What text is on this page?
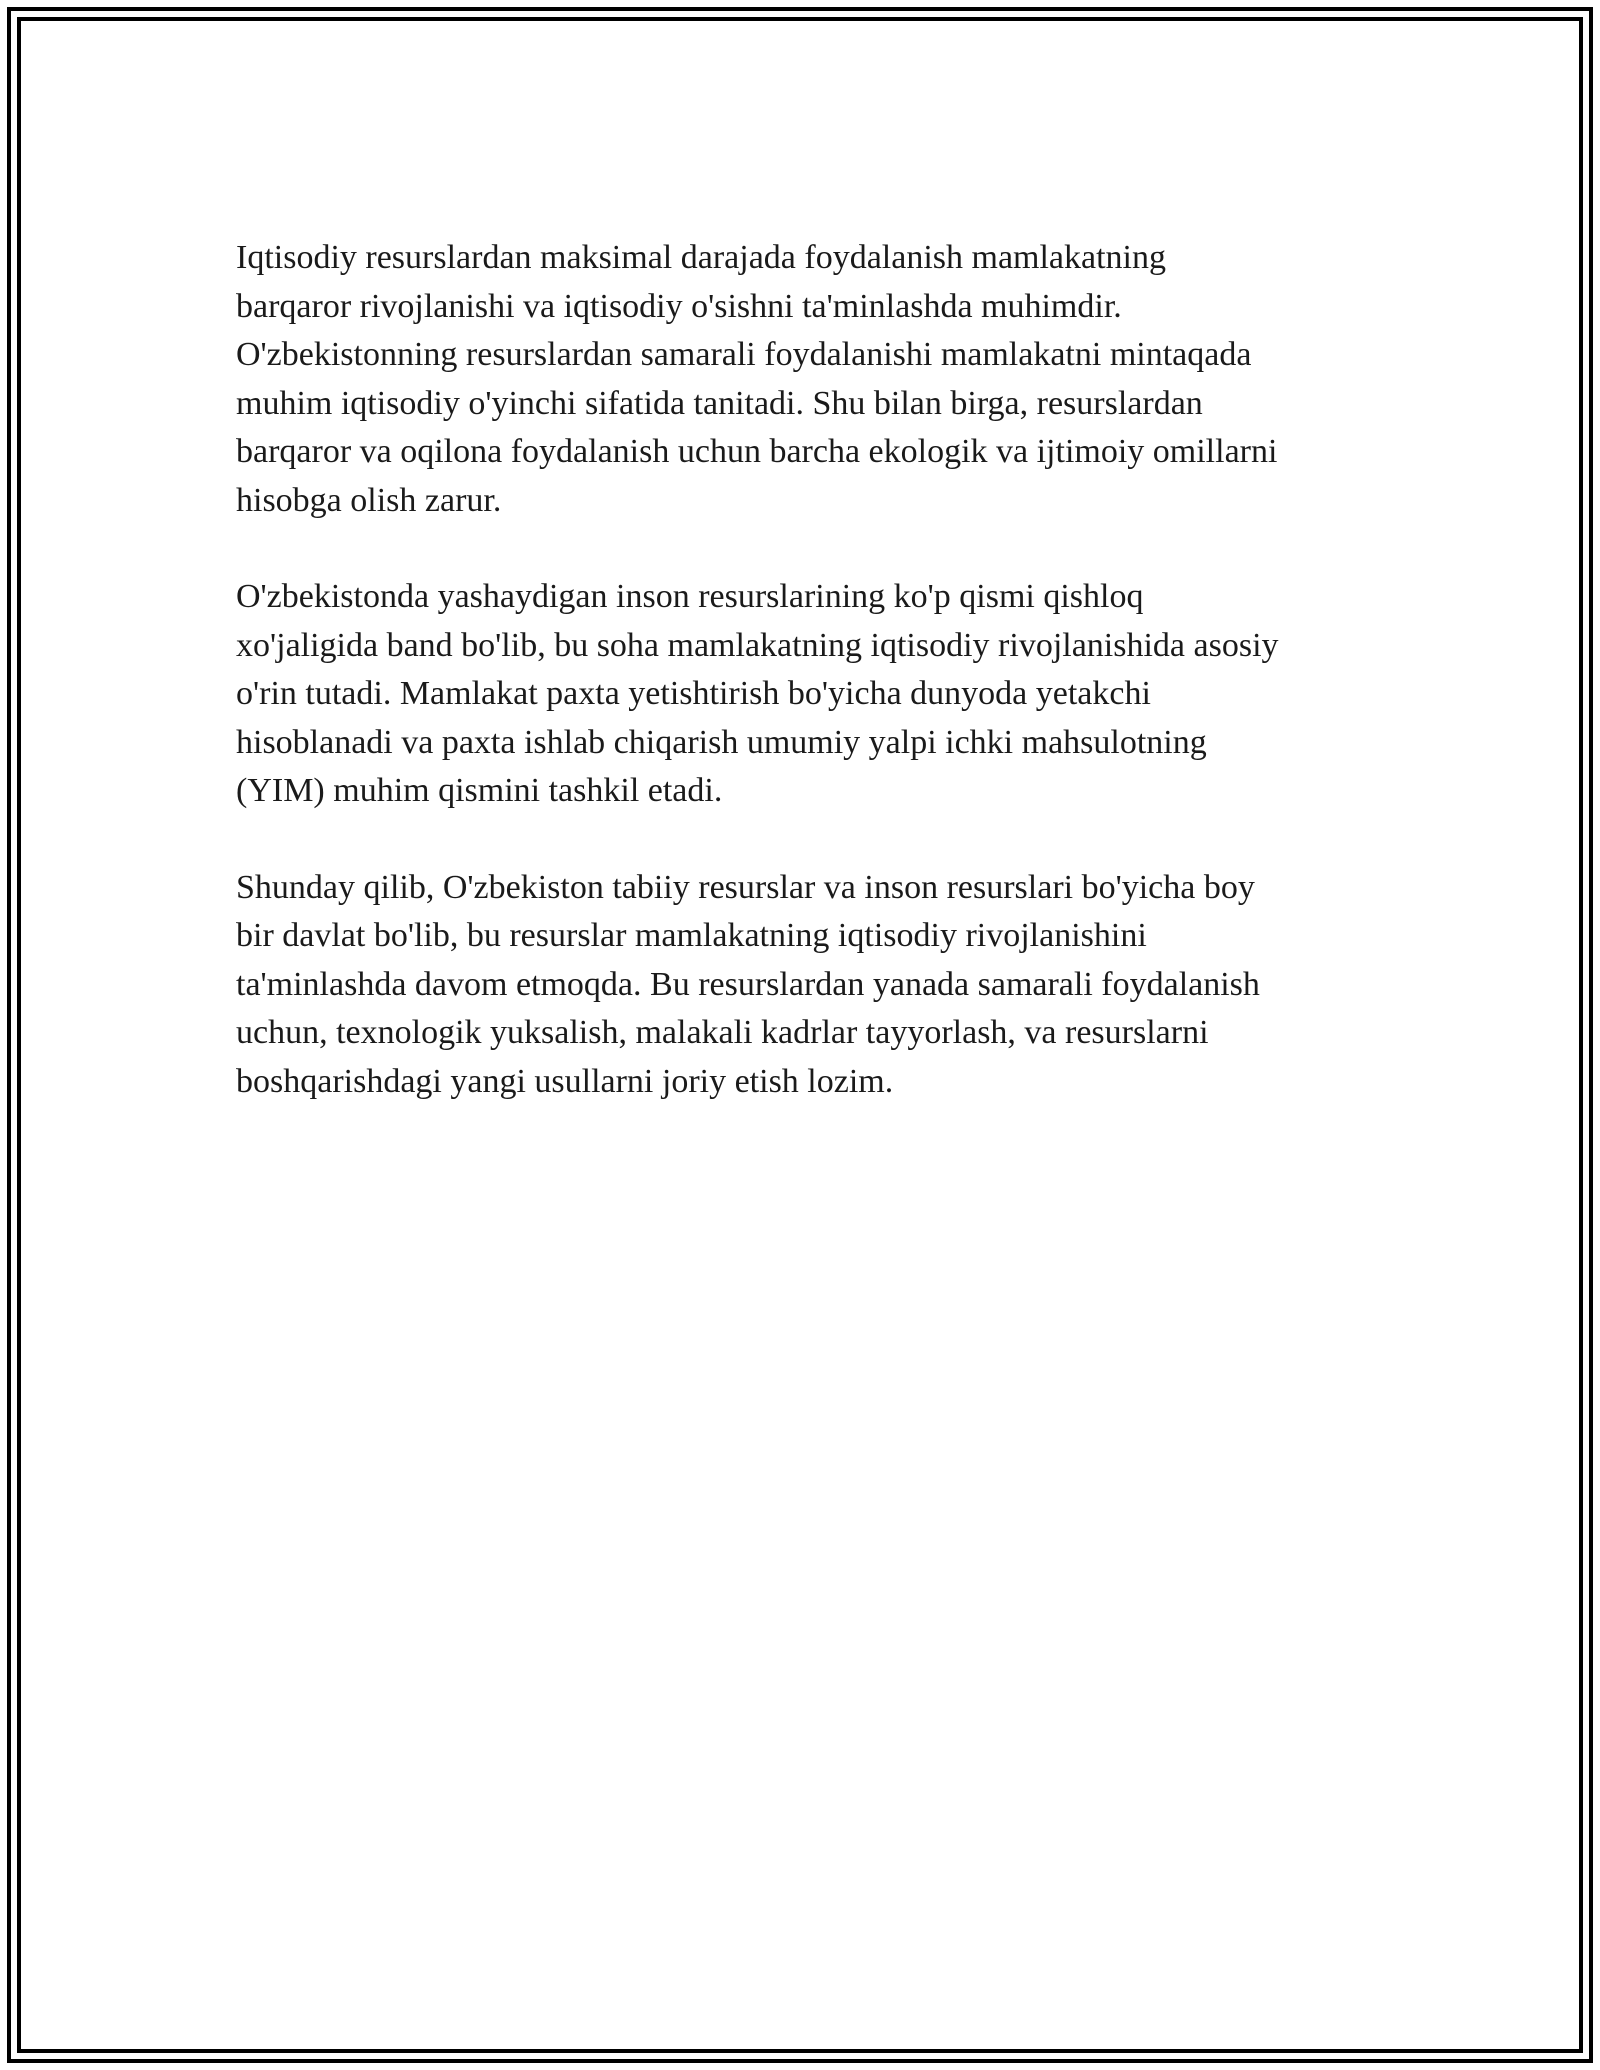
Iqtisodiy resurslardan maksimal darajada foydalanish mamlakatning
barqaror rivojlanishi va iqtisodiy o'sishni ta'minlashda muhimdir.
O'zbekistonning resurslardan samarali foydalanishi mamlakatni mintaqada
muhim iqtisodiy o'yinchi sifatida tanitadi. Shu bilan birga, resurslardan
barqaror va oqilona foydalanish uchun barcha ekologik va ijtimoiy omillarni
hisobga olish zarur.

O'zbekistonda yashaydigan inson resurslarining ko'p qismi qishloq
xo'jaligida band bo'lib, bu soha mamlakatning iqtisodiy rivojlanishida asosiy
o'rin tutadi. Mamlakat paxta yetishtirish bo'yicha dunyoda yetakchi
hisoblanadi va paxta ishlab chiqarish umumiy yalpi ichki mahsulotning
(YIM) muhim qismini tashkil etadi.

Shunday qilib, O'zbekiston tabiiy resurslar va inson resurslari bo'yicha boy
bir davlat bo'lib, bu resurslar mamlakatning iqtisodiy rivojlanishini
ta'minlashda davom etmoqda. Bu resurslardan yanada samarali foydalanish
uchun, texnologik yuksalish, malakali kadrlar tayyorlash, va resurslarni
boshqarishdagi yangi usullarni joriy etish lozim.
